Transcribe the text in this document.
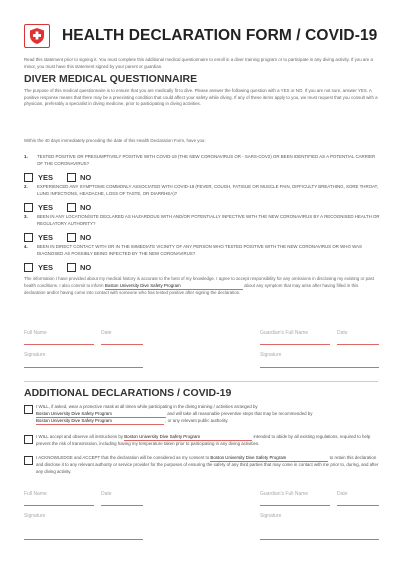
HEALTH DECLARATION FORM / COVID-19
Read this statement prior to signing it. You must complete this additional medical questionnaire to enroll in a diver training program or to participate in any diving activity. If you are a minor, you must have this statement signed by your parent or guardian.
DIVER MEDICAL QUESTIONNAIRE
The purpose of this medical questionnaire is to ensure that you are medically fit to dive. Please answer the following question with a YES or NO. If you are not sure, answer YES. A positive response means that there may be a preexisting condition that could affect your safety while diving. If any of these items apply to you, we must request that you consult with a physician, preferably a specialist in diving medicine, prior to participating in diving activities.
Within the 40 days immediately preceding the date of this Health Declaration Form, have you:
1. TESTED POSITIVE OR PRESUMPTIVELY POSITIVE WITH COVID-19 (THE NEW CORONAVIRUS OR - SARS-COV2) OR BEEN IDENTIFIED AS A POTENTIAL CARRIER OF THE CORONAVIRUS?
YES	NO
2. EXPERIENCED ANY SYMPTOMS COMMONLY ASSOCIATED WITH COVID-19 (FEVER, COUGH, FATIGUE OR MUSCLE PAIN, DIFFICULTY BREATHING, SORE THROAT, LUNG INFECTIONS, HEADACHE, LOSS OF TASTE, OR DIARRHEA)?
YES	NO
3. BEEN IN ANY LOCATION/SITE DECLARED AS HAZARDOUS WITH AND/OR POTENTIALLY INFECTIVE WITH THE NEW CORONAVIRUS BY A RECOGNISED HEALTH OR REGULATORY AUTHORITY?
YES	NO
4. BEEN IN DIRECT CONTACT WITH OR IN THE IMMEDIATE VICINITY OF ANY PERSON WHO TESTED POSITIVE WITH THE NEW CORONAVIRUS OR WHO WAS DIAGNOSED AS POSSIBLY BEING INFECTED BY THE NEW CORONAVIRUS?
YES	NO
The information I have provided about my medical history is accurate to the best of my knowledge. I agree to accept responsibility for any omissions in disclosing my existing or past health conditions. I also commit to inform Boston University Dive Safety Program	about any symptom that may arise after having filled in this declaration and/or having come into contact with someone who has tested positive after signing the declaration.
Full Name	Date	Guardian's Full Name	Date
Signature	Signature
ADDITIONAL DECLARATIONS / COVID-19
I WILL, if asked, wear a protective mask at all times while participating in the diving training / activities arranged by Boston University Dive Safety Program	and will take all reasonable preventive steps that may be recommended by Boston University Dive Safety Program	, or any relevant public authority.
I WILL accept and observe all instructions by Boston University Dive Safety Program	intended to abide by all existing regulations, required to help prevent the risk of transmission, including having my temperature taken prior to participating in any diving activities.
I ACKNOWLEDGE and ACCEPT that the declaration will be considered as my consent to Boston University Dive Safety Program	to retain this declaration and disclose it to any relevant authority or service provider for the purposes of ensuring the safety of any third parties that may come in contact with me prior to, during, and after any diving activity.
Full Name	Date	Guardian's Full Name	Date
Signature	Signature
